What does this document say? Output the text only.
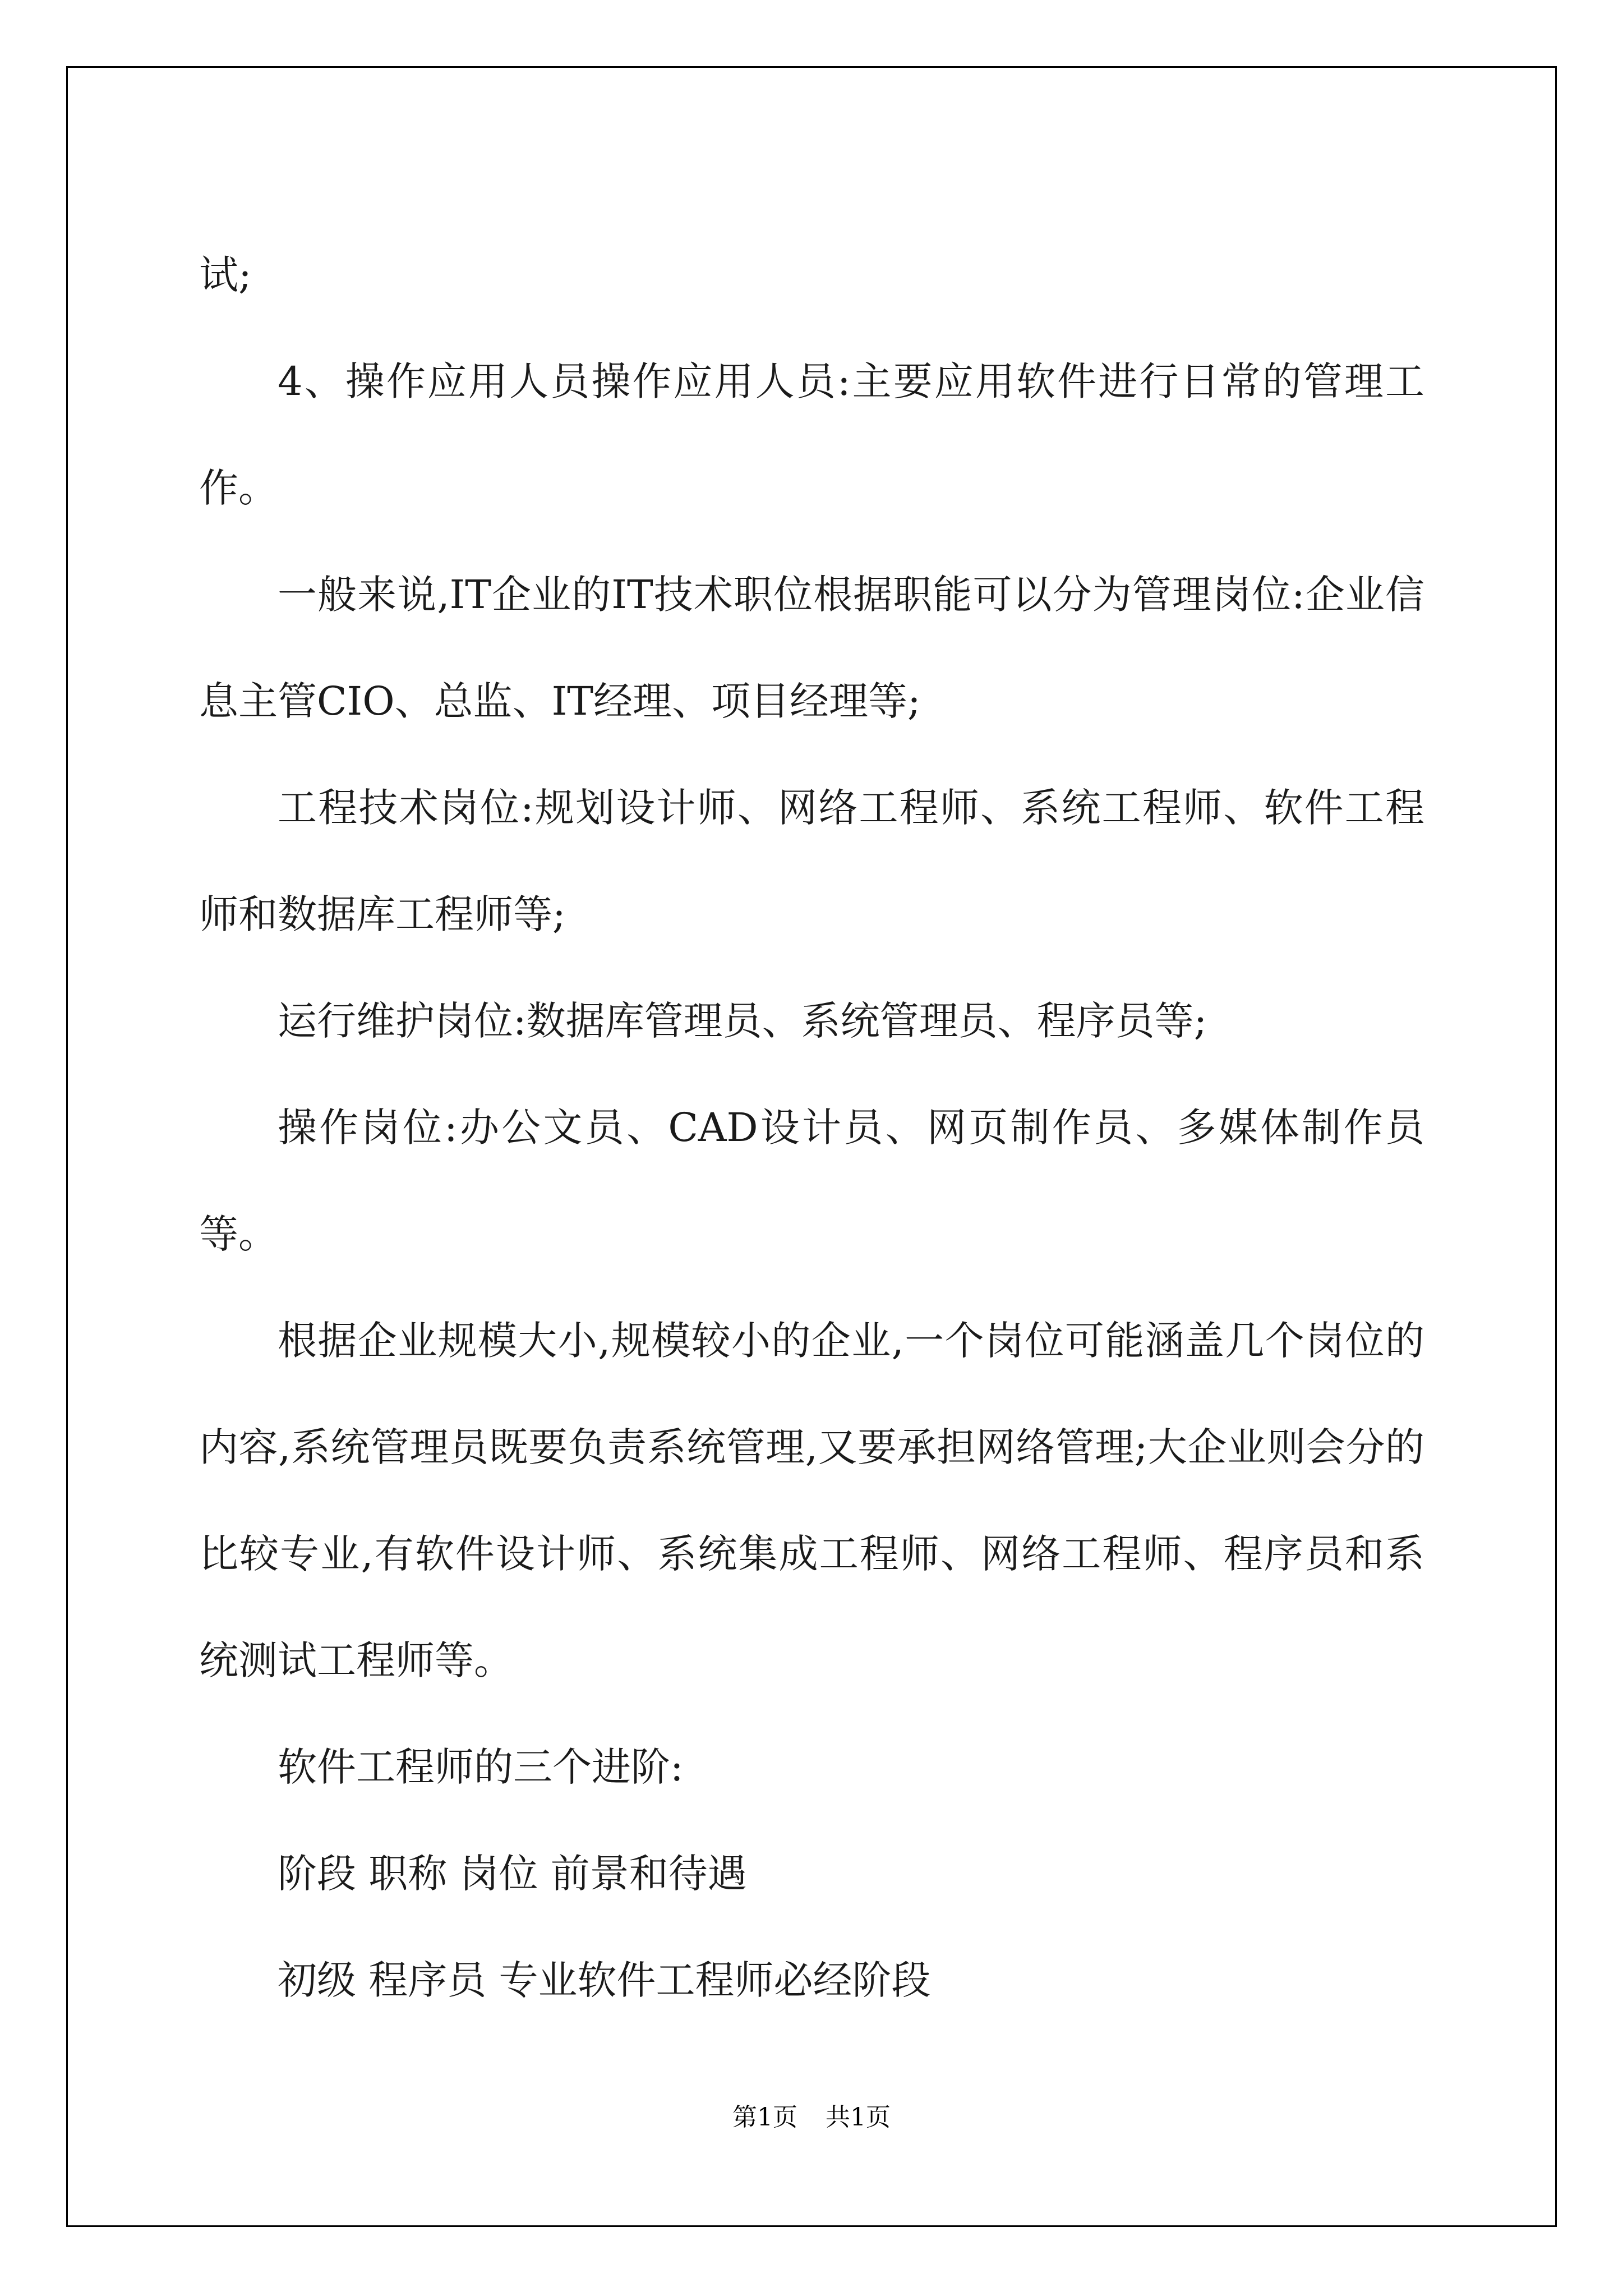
试;

4、操作应用人员操作应用人员:主要应用软件进行日常的管理工作。

一般来说,IT企业的IT技术职位根据职能可以分为管理岗位:企业信息主管CIO、总监、IT经理、项目经理等;

工程技术岗位:规划设计师、网络工程师、系统工程师、软件工程师和数据库工程师等;

运行维护岗位:数据库管理员、系统管理员、程序员等;

操作岗位:办公文员、CAD设计员、网页制作员、多媒体制作员等。

根据企业规模大小,规模较小的企业,一个岗位可能涵盖几个岗位的内容,系统管理员既要负责系统管理,又要承担网络管理;大企业则会分的比较专业,有软件设计师、系统集成工程师、网络工程师、程序员和系统测试工程师等。

软件工程师的三个进阶:

阶段 职称 岗位 前景和待遇

初级 程序员 专业软件工程师必经阶段

第1页 共1页
